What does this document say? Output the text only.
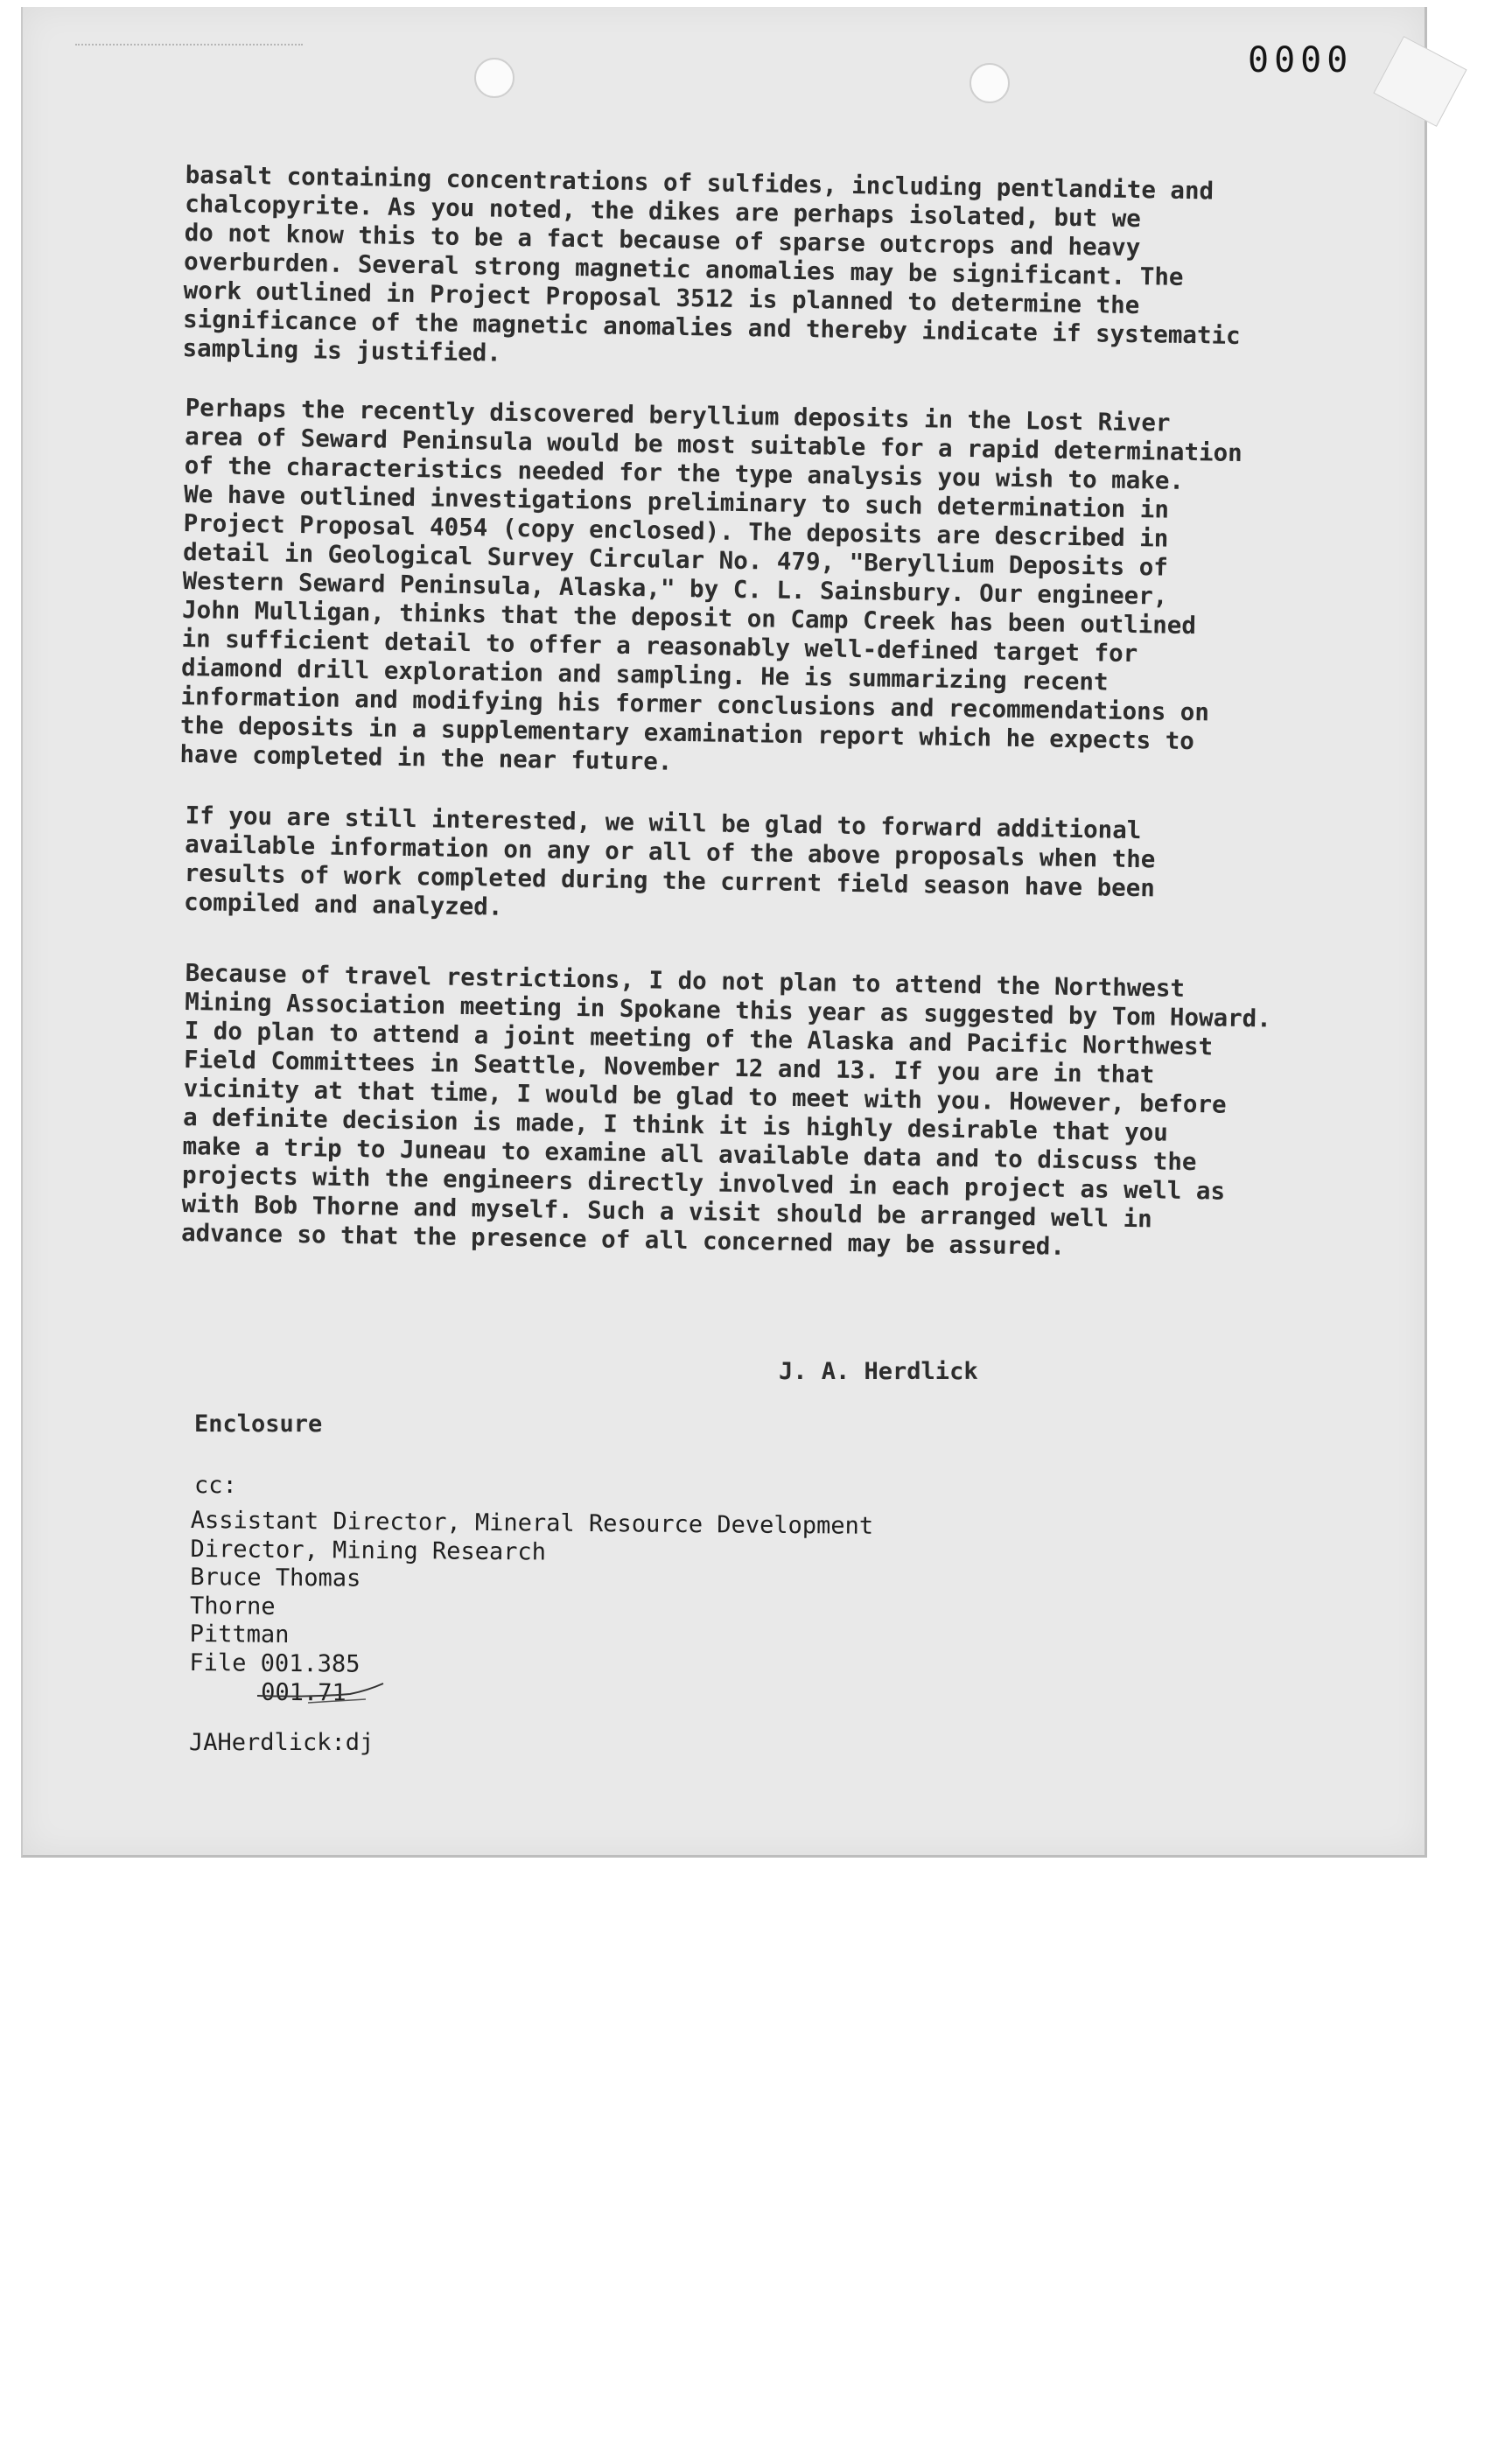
0000

basalt containing concentrations of sulfides, including pentlandite and
chalcopyrite. As you noted, the dikes are perhaps isolated, but we
do not know this to be a fact because of sparse outcrops and heavy
overburden. Several strong magnetic anomalies may be significant. The
work outlined in Project Proposal 3512 is planned to determine the
significance of the magnetic anomalies and thereby indicate if systematic
sampling is justified.

Perhaps the recently discovered beryllium deposits in the Lost River
area of Seward Peninsula would be most suitable for a rapid determination
of the characteristics needed for the type analysis you wish to make.
We have outlined investigations preliminary to such determination in
Project Proposal 4054 (copy enclosed). The deposits are described in
detail in Geological Survey Circular No. 479, "Beryllium Deposits of
Western Seward Peninsula, Alaska," by C. L. Sainsbury. Our engineer,
John Mulligan, thinks that the deposit on Camp Creek has been outlined
in sufficient detail to offer a reasonably well-defined target for
diamond drill exploration and sampling. He is summarizing recent
information and modifying his former conclusions and recommendations on
the deposits in a supplementary examination report which he expects to
have completed in the near future.

If you are still interested, we will be glad to forward additional
available information on any or all of the above proposals when the
results of work completed during the current field season have been
compiled and analyzed.

Because of travel restrictions, I do not plan to attend the Northwest
Mining Association meeting in Spokane this year as suggested by Tom Howard.
I do plan to attend a joint meeting of the Alaska and Pacific Northwest
Field Committees in Seattle, November 12 and 13. If you are in that
vicinity at that time, I would be glad to meet with you. However, before
a definite decision is made, I think it is highly desirable that you
make a trip to Juneau to examine all available data and to discuss the
projects with the engineers directly involved in each project as well as
with Bob Thorne and myself. Such a visit should be arranged well in
advance so that the presence of all concerned may be assured.

J. A. Herdlick
Enclosure
cc:
Assistant Director, Mineral Resource Development
Director, Mining Research
Bruce Thomas
Thorne
Pittman
File 001.385
001.71
JAHerdlick:dj
